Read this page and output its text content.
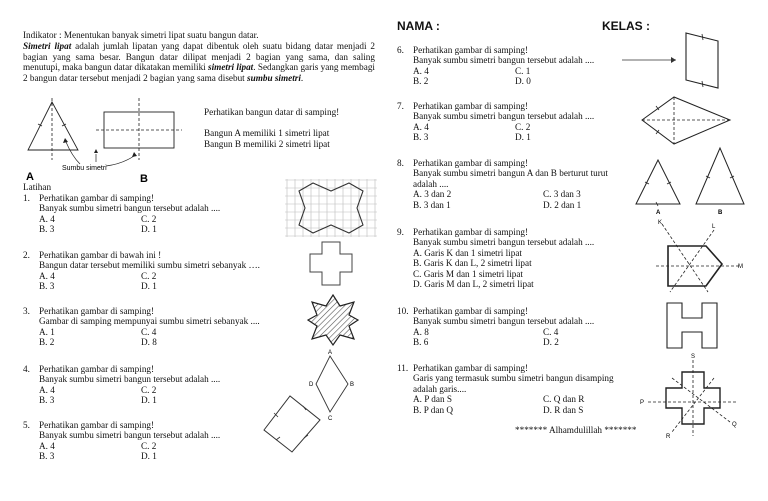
Indikator : Menentukan banyak simetri lipat suatu bangun datar.
Simetri lipat adalah jumlah lipatan yang dapat dibentuk oleh suatu bidang datar menjadi 2 bagian yang sama besar. Bangun datar dilipat menjadi 2 bagian yang sama, dan saling menutupi, maka bangun datar dikatakan memiliki simetri lipat. Sedangkan garis yang membagi 2 bangun datar tersebut menjadi 2 bagian yang sama disebut sumbu simetri.
A	B
Sumbu simetri
Perhatikan bangun datar di samping!
Bangun A memiliki 1 simetri lipat
Bangun B memiliki 2 simetri lipat
Latihan
1. Perhatikan gambar di samping!
Banyak sumbu simetri bangun tersebut adalah ....
A. 4	C. 2
B. 3	D. 1
2. Perhatikan gambar di bawah ini !
Bangun datar tersebut memiliki sumbu simetri sebanyak ….
A. 4	C. 2
B. 3	D. 1
3. Perhatikan gambar di samping!
Gambar di samping mempunyai sumbu simetri sebanyak ....
A. 1	C. 4
B. 2	D. 8
4. Perhatikan gambar di samping!
Banyak sumbu simetri bangun tersebut adalah ....
A. 4	C. 2
B. 3	D. 1
5. Perhatikan gambar di samping!
Banyak sumbu simetri bangun tersebut adalah ....
A. 4	C. 2
B. 3	D. 1
A
B
C
D
NAMA :	KELAS :
6. Perhatikan gambar di samping!
Banyak sumbu simetri bangun tersebut adalah ....
A. 4	C. 1
B. 2	D. 0
7. Perhatikan gambar di samping!
Banyak sumbu simetri bangun tersebut adalah ....
A. 4	C. 2
B. 3	D. 1
8. Perhatikan gambar di samping!
Banyak sumbu simetri bangun A dan B berturut turut
adalah ....
A. 3 dan 2	C. 3 dan 3
B. 3 dan 1	D. 2 dan 1
9. Perhatikan gambar di samping!
Banyak sumbu simetri bangun tersebut adalah ....
A. Garis K dan 1 simetri lipat
B. Garis K dan L, 2 simetri lipat
C. Garis M dan 1 simetri lipat
D. Garis M dan L, 2 simetri lipat
10. Perhatikan gambar di samping!
Banyak sumbu simetri bangun tersebut adalah ....
A. 8	C. 4
B. 6	D. 2
11. Perhatikan gambar di samping!
Garis yang termasuk sumbu simetri bangun disamping
adalah garis....
A. P dan S	C. Q dan R
B. P dan Q	D. R dan S
******* Alhamdulillah *******
A	B
K
L
M
S
P
Q
R
